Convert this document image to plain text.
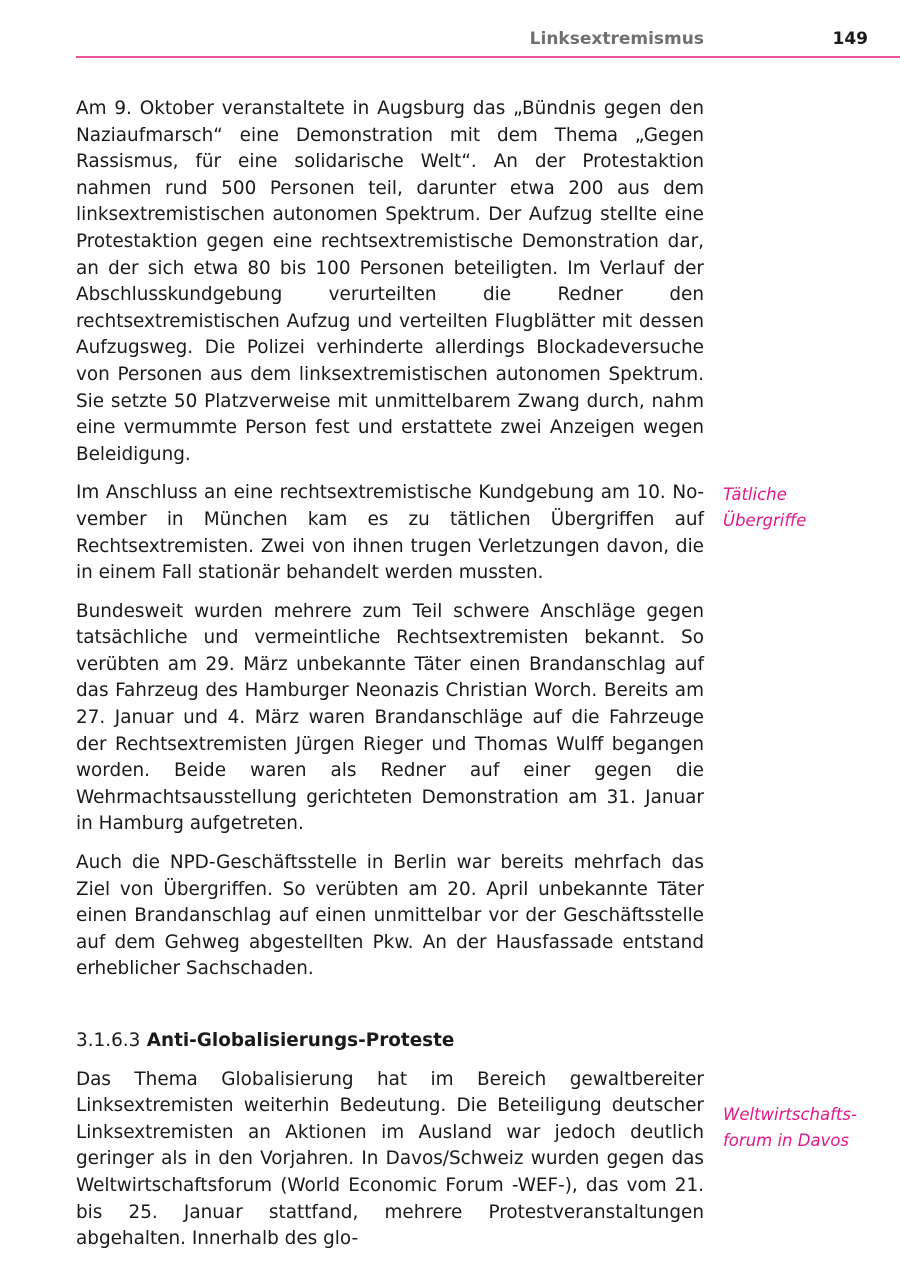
Linksextremismus	149

Am 9. Oktober veranstaltete in Augsburg das „Bündnis gegen den Naziaufmarsch“ eine Demonstration mit dem Thema „Gegen Rassismus, für eine solidarische Welt“. An der Protestaktion nahmen rund 500 Personen teil, darunter etwa 200 aus dem linksextremistischen autonomen Spektrum. Der Aufzug stellte eine Protestaktion gegen eine rechtsextremistische Demonstration dar, an der sich etwa 80 bis 100 Personen beteiligten. Im Verlauf der Abschlusskundgebung verurteilten die Redner den rechtsextremistischen Aufzug und verteilten Flugblätter mit dessen Aufzugsweg. Die Polizei verhinderte allerdings Blockadeversuche von Personen aus dem linksextremistischen autonomen Spektrum. Sie setzte 50 Platzverweise mit unmittelbarem Zwang durch, nahm eine vermummte Person fest und erstattete zwei Anzeigen wegen Beleidigung.

Im Anschluss an eine rechtsextremistische Kundgebung am 10. November in München kam es zu tätlichen Übergriffen auf Rechtsextremisten. Zwei von ihnen trugen Verletzungen davon, die in einem Fall stationär behandelt werden mussten.

Bundesweit wurden mehrere zum Teil schwere Anschläge gegen tatsächliche und vermeintliche Rechtsextremisten bekannt. So verübten am 29. März unbekannte Täter einen Brandanschlag auf das Fahrzeug des Hamburger Neonazis Christian Worch. Bereits am 27. Januar und 4. März waren Brandanschläge auf die Fahrzeuge der Rechtsextremisten Jürgen Rieger und Thomas Wulff begangen worden. Beide waren als Redner auf einer gegen die Wehrmachtsausstellung gerichteten Demonstration am 31. Januar in Hamburg aufgetreten.

Auch die NPD-Geschäftsstelle in Berlin war bereits mehrfach das Ziel von Übergriffen. So verübten am 20. April unbekannte Täter einen Brandanschlag auf einen unmittelbar vor der Geschäftsstelle auf dem Gehweg abgestellten Pkw. An der Hausfassade entstand erheblicher Sachschaden.

3.1.6.3 Anti-Globalisierungs-Proteste

Das Thema Globalisierung hat im Bereich gewaltbereiter Linksextremisten weiterhin Bedeutung. Die Beteiligung deutscher Linksextremisten an Aktionen im Ausland war jedoch deutlich geringer als in den Vorjahren. In Davos/Schweiz wurden gegen das Weltwirtschaftsforum (World Economic Forum -WEF-), das vom 21. bis 25. Januar stattfand, mehrere Protestveranstaltungen abgehalten. Innerhalb des glo-

Tätliche
Übergriffe
Weltwirtschafts-
forum in Davos
